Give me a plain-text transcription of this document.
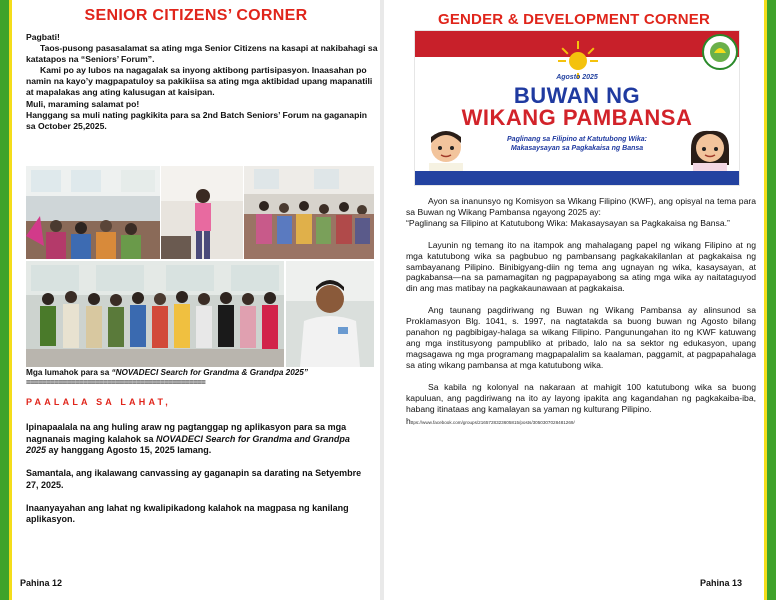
SENIOR CITIZENS’ CORNER

Pagbati!

Taos-pusong pasasalamat sa ating mga Senior Citizens na kasapi at nakibahagi sa katatapos na “Seniors’ Forum”.

Kami po ay lubos na nagagalak sa inyong aktibong partisipasyon. Inaasahan po namin na kayo’y magpapatuloy sa pakikiisa sa ating mga aktibidad upang mapanatili at mapalakas ang ating kalusugan at kaisipan.

Muli, maraming salamat po!

Hanggang sa muli nating pagkikita para sa 2nd Batch Seniors’ Forum na gaganapin sa October 25,2025.

Mga lumahok para sa “NOVADECI Search for Grandma & Grandpa 2025”
============================================
PAALALA SA LAHAT,

Ipinapaalala na ang huling araw ng pagtanggap ng aplikasyon para sa mga nagnanais maging kalahok sa NOVADECI Search for Grandma and Grandpa 2025 ay hanggang Agosto 15, 2025 lamang.

Samantala, ang ikalawang canvassing ay gaganapin sa darating na Setyembre 27, 2025.

Inaanyayahan ang lahat ng kwalipikadong kalahok na magpasa ng kanilang aplikasyon.

Pahina 12
GENDER & DEVELOPMENT CORNER
Agosto 2025
BUWAN NG
WIKANG PAMBANSA
Paglinang sa Filipino at Katutubong Wika:
Makasaysayan sa Pagkakaisa ng Bansa

Ayon sa inanunsyo ng Komisyon sa Wikang Filipino (KWF), ang opisyal na tema para sa Buwan ng Wikang Pambansa ngayong 2025 ay:

“Paglinang sa Filipino at Katutubong Wika: Makasaysayan sa Pagkakaisa ng Bansa.”

Layunin ng temang ito na itampok ang mahalagang papel ng wikang Filipino at ng mga katutubong wika sa pagbubuo ng pambansang pagkakakilanlan at pagkakaisa ng sambayanang Pilipino. Binibigyang-diin ng tema ang ugnayan ng wika, kasaysayan, at pagkabansa—na sa pamamagitan ng pagpapayabong sa ating mga wika ay naitataguyod din ang mas matibay na pagkakaunawaan at pagkakaisa.

Ang taunang pagdiriwang ng Buwan ng Wikang Pambansa ay alinsunod sa Proklamasyon Blg. 1041, s. 1997, na nagtatakda sa buong buwan ng Agosto bilang panahon ng pagbibigay-halaga sa wikang Filipino. Pangunungahan ito ng KWF katuwang ang mga institusyong pampubliko at pribado, lalo na sa sektor ng edukasyon, upang magsagawa ng mga programang magpapalalim sa kaalaman, paggamit, at pagpapahalaga sa ating wikang pambansa at mga katutubong wika.

Sa kabila ng kolonyal na nakaraan at mahigit 100 katutubong wika sa buong kapuluan, ang pagdiriwang na ito ay layong ipakita ang kagandahan ng pagkakaiba-iba, habang itinataas ang kamalayan sa yaman ng kulturang Pilipino.

https://www.facebook.com/groups/2165728323605815/posts/3050307028481269/
Pahina 13
